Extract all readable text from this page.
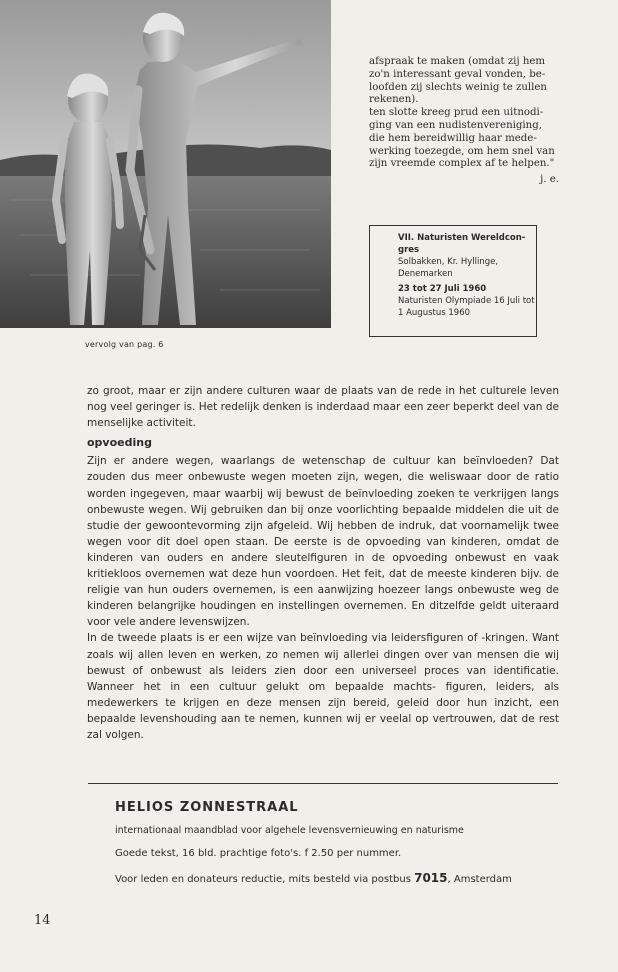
vervolg van pag. 6

afspraak te maken (omdat zij hem zo'n interessant geval vonden, be- loofden zij slechts weinig te zullen rekenen).

ten slotte kreeg prud een uitnodi- ging van een nudistenvereniging, die hem bereidwillig haar mede- werking toezegde, om hem snel van zijn vreemde complex af te helpen."

j. e.

VII. Naturisten Wereldcon- gres
Solbakken, Kr. Hyllinge, Denemarken
23 tot 27 Juli 1960
Naturisten Olympiade 16 Juli tot 1 Augustus 1960

zo groot, maar er zijn andere culturen waar de plaats van de rede in het culturele leven nog veel geringer is. Het redelijk denken is inderdaad maar een zeer beperkt deel van de menselijke activiteit.

opvoeding

Zijn er andere wegen, waarlangs de wetenschap de cultuur kan beïnvloeden? Dat zouden dus meer onbewuste wegen moeten zijn, wegen, die weliswaar door de ratio worden ingegeven, maar waarbij wij bewust de beïnvloeding zoeken te verkrijgen langs onbewuste wegen. Wij gebruiken dan bij onze voorlichting bepaalde middelen die uit de studie der gewoontevorming zijn afgeleid. Wij hebben de indruk, dat voornamelijk twee wegen voor dit doel open staan. De eerste is de opvoeding van kinderen, omdat de kinderen van ouders en andere sleutelfiguren in de opvoeding onbewust en vaak kritiekloos overnemen wat deze hun voordoen. Het feit, dat de meeste kinderen bijv. de religie van hun ouders overnemen, is een aanwijzing hoezeer langs onbewuste weg de kinderen belangrijke houdingen en instellingen overnemen. En ditzelfde geldt uiteraard voor vele andere levenswijzen.

In de tweede plaats is er een wijze van beïnvloeding via leidersfiguren of -kringen. Want zoals wij allen leven en werken, zo nemen wij allerlei dingen over van mensen die wij bewust of onbewust als leiders zien door een universeel proces van identificatie. Wanneer het in een cultuur gelukt om bepaalde machts- figuren, leiders, als medewerkers te krijgen en deze mensen zijn bereid, geleid door hun inzicht, een bepaalde levenshouding aan te nemen, kunnen wij er veelal op vertrouwen, dat de rest zal volgen.

HELIOS ZONNESTRAAL
internationaal maandblad voor algehele levensvernieuwing en naturisme
Goede tekst, 16 bld. prachtige foto's. f 2.50 per nummer.
Voor leden en donateurs reductie, mits besteld via postbus 7015, Amsterdam
14
